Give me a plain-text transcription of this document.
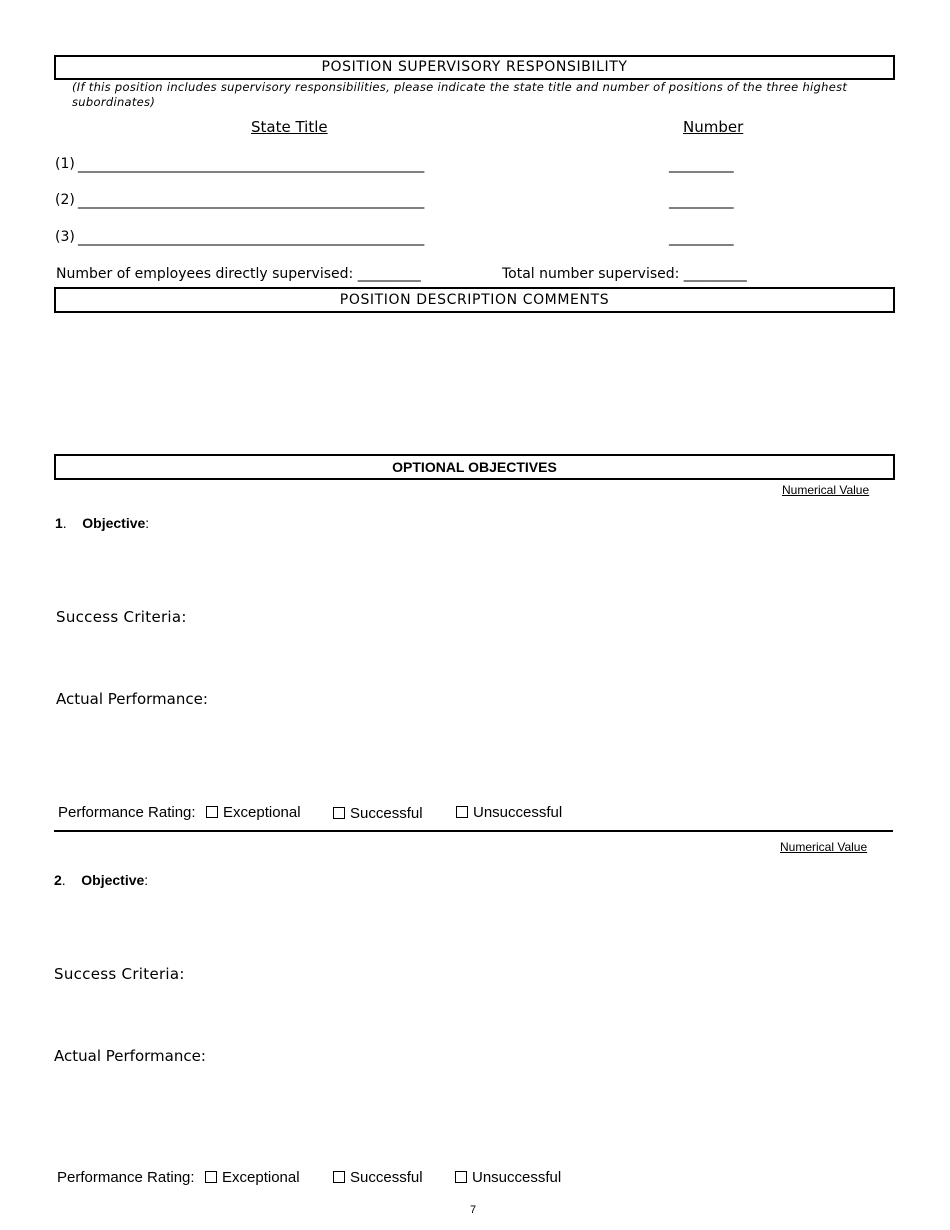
POSITION SUPERVISORY RESPONSIBILITY
(If this position includes supervisory responsibilities, please indicate the state title and number of positions of the three highest subordinates)
State Title	Number
(1) ______________________________________________________	__________
(2) ______________________________________________________	__________
(3) ______________________________________________________	__________
Number of employees directly supervised: _________	Total number supervised: _________
POSITION DESCRIPTION COMMENTS
OPTIONAL OBJECTIVES
Numerical Value
1.    Objective:
Success Criteria:
Actual Performance:
Performance Rating:	Exceptional	Successful	Unsuccessful
Numerical Value
2.    Objective:
Success Criteria:
Actual Performance:
Performance Rating:	Exceptional	Successful	Unsuccessful
7
